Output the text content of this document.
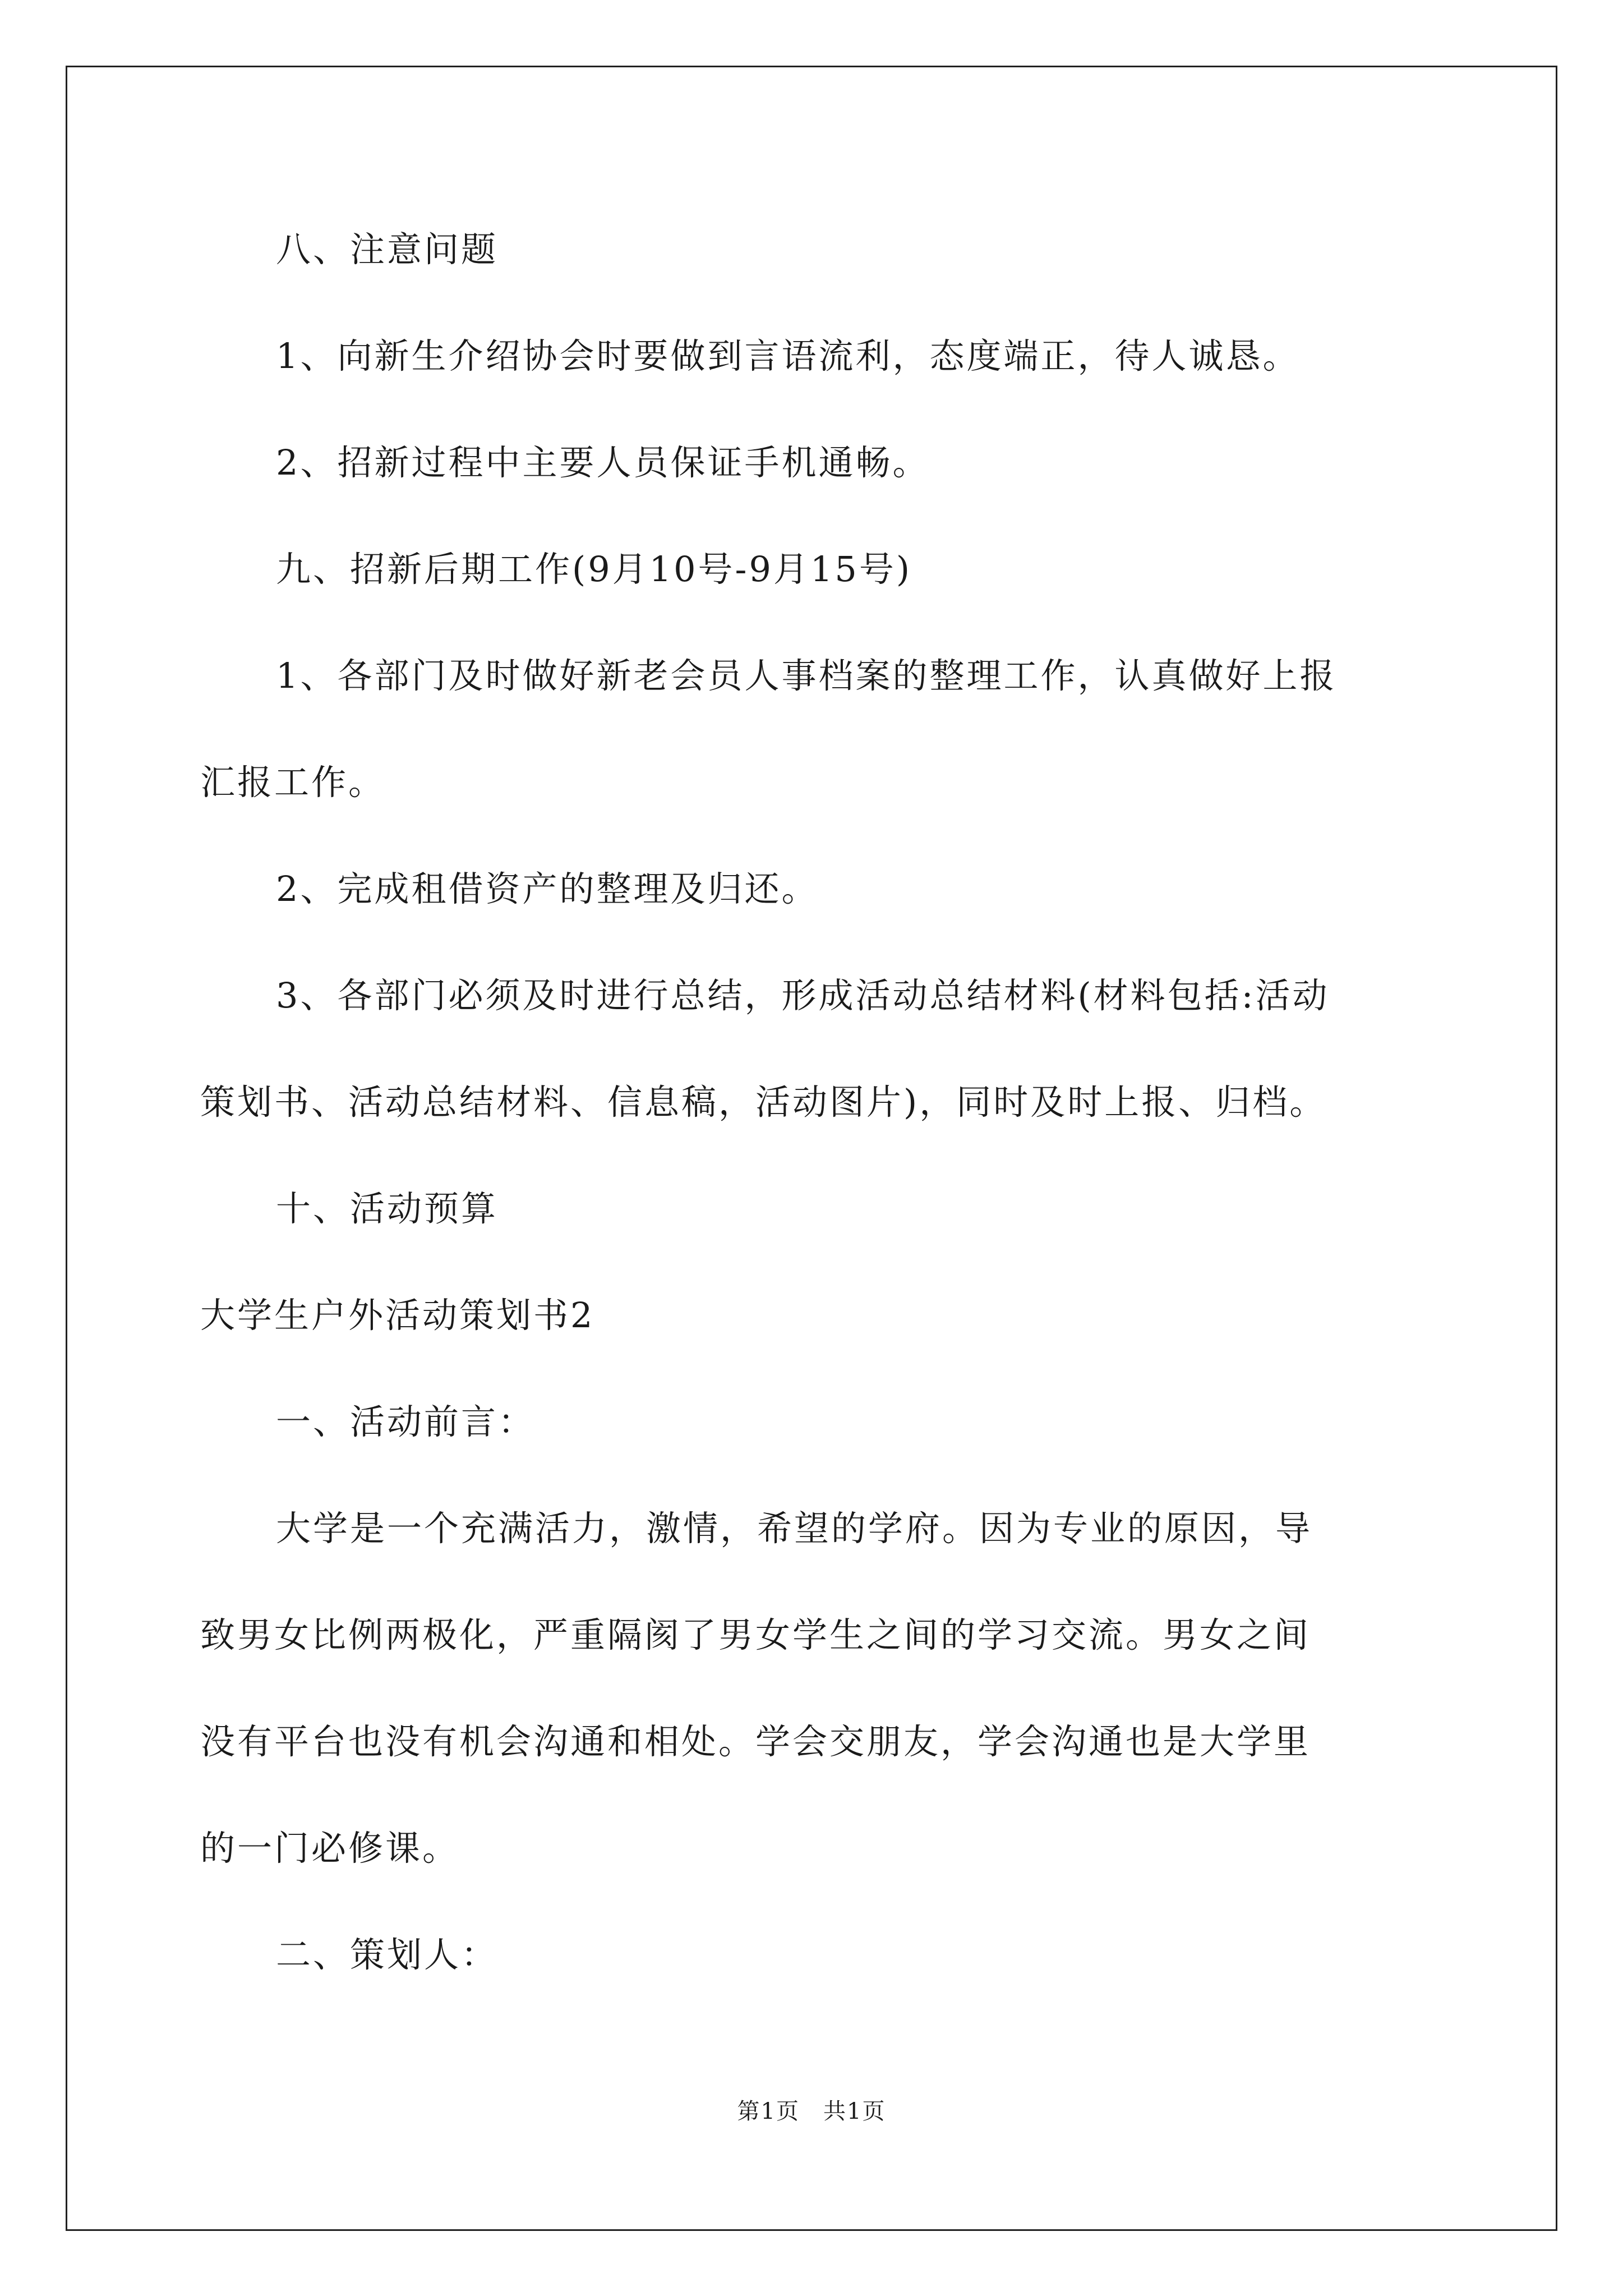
八、注意问题
1、向新生介绍协会时要做到言语流利，态度端正，待人诚恳。
2、招新过程中主要人员保证手机通畅。
九、招新后期工作(9月10号-9月15号)
1、各部门及时做好新老会员人事档案的整理工作，认真做好上报
汇报工作。
2、完成租借资产的整理及归还。
3、各部门必须及时进行总结，形成活动总结材料(材料包括:活动
策划书、活动总结材料、信息稿，活动图片)，同时及时上报、归档。
十、活动预算
大学生户外活动策划书2
一、活动前言：
大学是一个充满活力，激情，希望的学府。因为专业的原因，导
致男女比例两极化，严重隔阂了男女学生之间的学习交流。男女之间
没有平台也没有机会沟通和相处。学会交朋友，学会沟通也是大学里
的一门必修课。
二、策划人：
第1页　共1页
